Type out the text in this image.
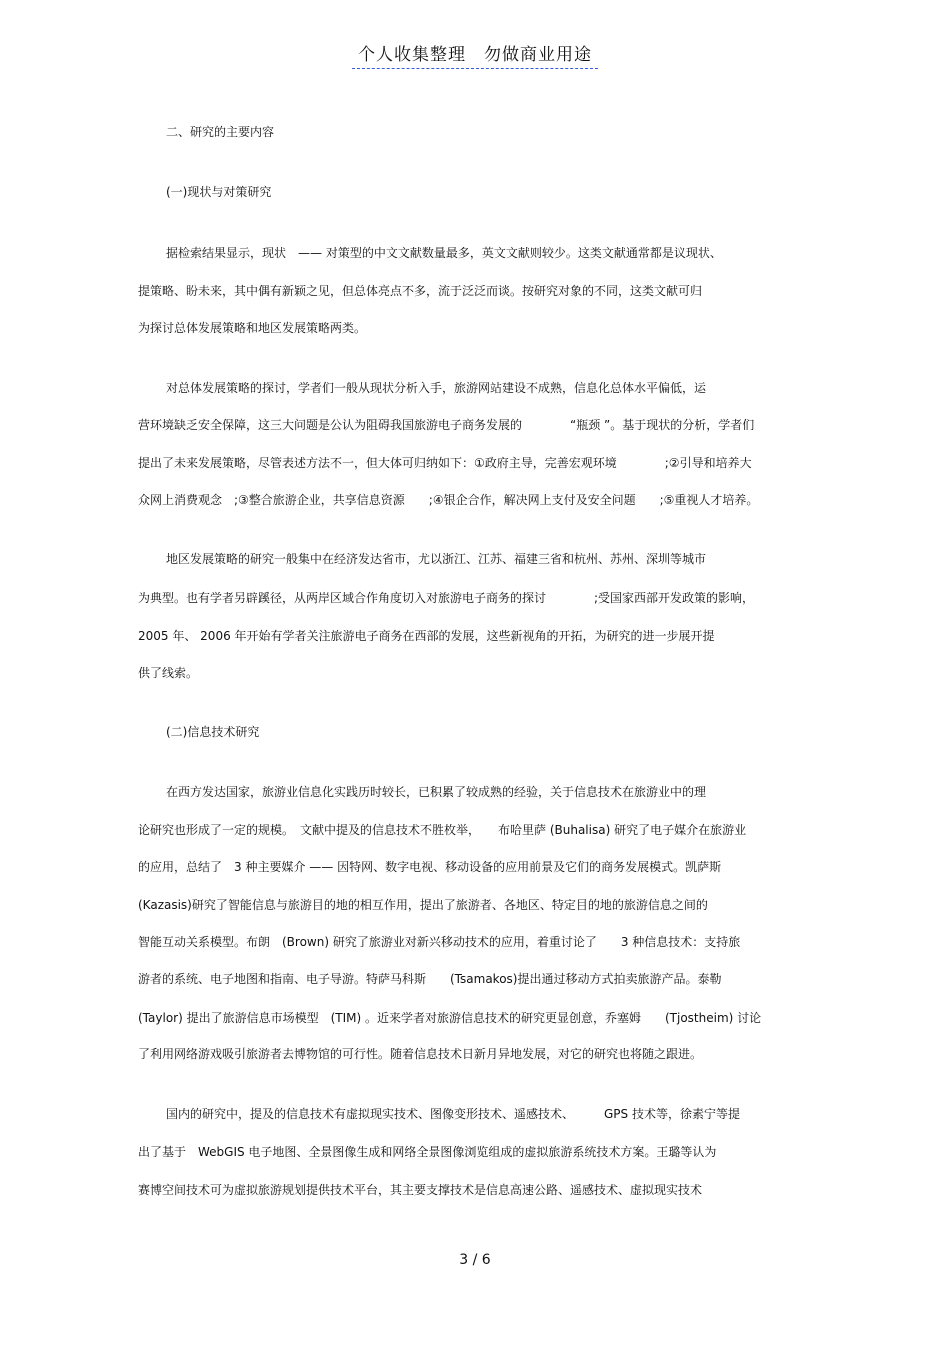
个人收集整理　勿做商业用途
二、研究的主要内容
(一)现状与对策研究
据检索结果显示，现状　—— 对策型的中文文献数量最多，英文文献则较少。这类文献通常都是议现状、
提策略、盼未来，其中偶有新颖之见，但总体亮点不多，流于泛泛而谈。按研究对象的不同，这类文献可归
为探讨总体发展策略和地区发展策略两类。
对总体发展策略的探讨，学者们一般从现状分析入手，旅游网站建设不成熟，信息化总体水平偏低，运
营环境缺乏安全保障，这三大问题是公认为阻碍我国旅游电子商务发展的　　　　“瓶颈 ”。基于现状的分析，学者们
提出了未来发展策略，尽管表述方法不一，但大体可归纳如下：①政府主导，完善宏观环境　　　　;②引导和培养大
众网上消费观念　;③整合旅游企业，共享信息资源　　;④银企合作，解决网上支付及安全问题　　;⑤重视人才培养。
地区发展策略的研究一般集中在经济发达省市，尤以浙江、江苏、福建三省和杭州、苏州、深圳等城市
为典型。也有学者另辟蹊径，从两岸区域合作角度切入对旅游电子商务的探讨　　　　;受国家西部开发政策的影响，
2005 年、 2006 年开始有学者关注旅游电子商务在西部的发展，这些新视角的开拓，为研究的进一步展开提
供了线索。
(二)信息技术研究
在西方发达国家，旅游业信息化实践历时较长，已积累了较成熟的经验，关于信息技术在旅游业中的理
论研究也形成了一定的规模。　文献中提及的信息技术不胜枚举，　　布哈里萨 (Buhalisa) 研究了电子媒介在旅游业
的应用，总结了　3 种主要媒介 —— 因特网、数字电视、移动设备的应用前景及它们的商务发展模式。凯萨斯
(Kazasis)研究了智能信息与旅游目的地的相互作用，提出了旅游者、各地区、特定目的地的旅游信息之间的
智能互动关系模型。布朗　(Brown) 研究了旅游业对新兴移动技术的应用，着重讨论了　　3 种信息技术：支持旅
游者的系统、电子地图和指南、电子导游。特萨马科斯　　(Tsamakos)提出通过移动方式拍卖旅游产品。泰勒
(Taylor) 提出了旅游信息市场模型　(TIM) 。近来学者对旅游信息技术的研究更显创意，乔塞姆　　(Tjostheim) 讨论
了利用网络游戏吸引旅游者去博物馆的可行性。随着信息技术日新月异地发展，对它的研究也将随之跟进。
国内的研究中，提及的信息技术有虚拟现实技术、图像变形技术、遥感技术、　　　GPS 技术等，徐素宁等提
出了基于　WebGIS 电子地图、全景图像生成和网络全景图像浏览组成的虚拟旅游系统技术方案。王璐等认为
赛博空间技术可为虚拟旅游规划提供技术平台，其主要支撑技术是信息高速公路、遥感技术、虚拟现实技术
3 / 6
